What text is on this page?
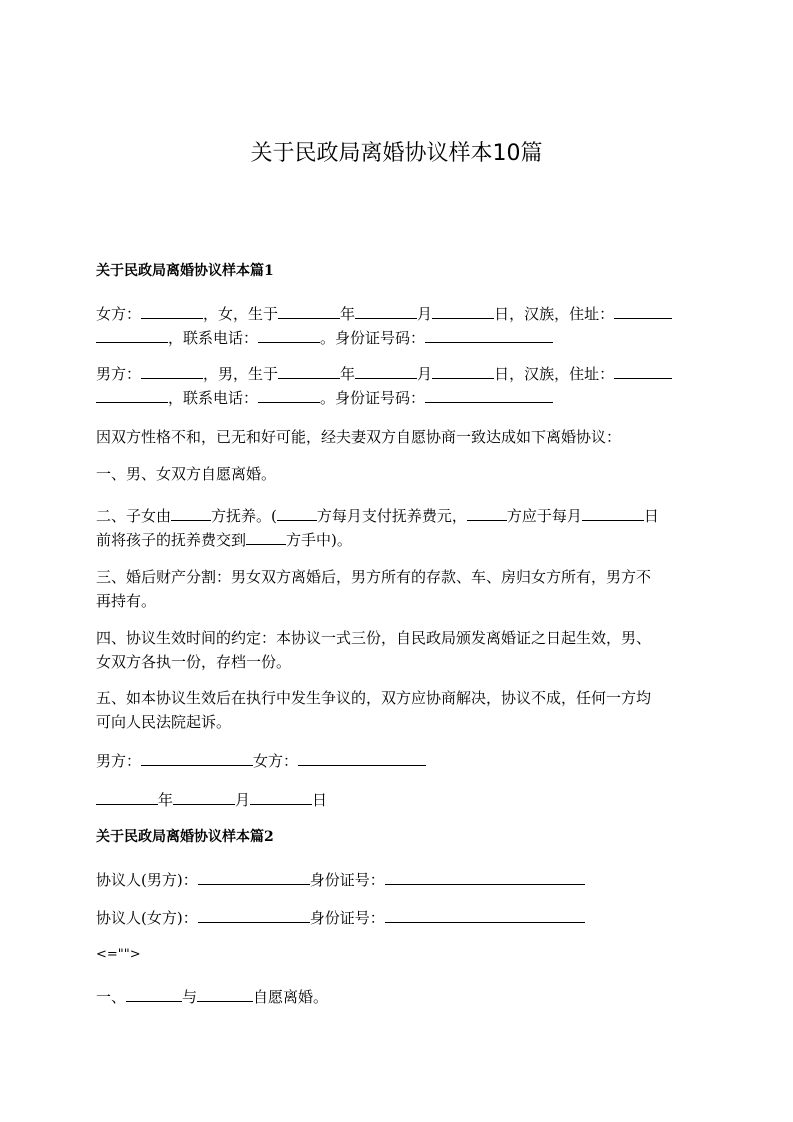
关于民政局离婚协议样本10篇
关于民政局离婚协议样本篇1
女方：	，女，生于	年	月	日，汉族，住址：
，联系电话：	。身份证号码：
男方：	，男，生于	年	月	日，汉族，住址：
，联系电话：	。身份证号码：
因双方性格不和，已无和好可能，经夫妻双方自愿协商一致达成如下离婚协议：
一、男、女双方自愿离婚。
二、子女由	方抚养。(	方每月支付抚养费元，	方应于每月	日
前将孩子的抚养费交到	方手中)。
三、婚后财产分割：男女双方离婚后，男方所有的存款、车、房归女方所有，男方不
再持有。
四、协议生效时间的约定：本协议一式三份，自民政局颁发离婚证之日起生效，男、
女双方各执一份，存档一份。
五、如本协议生效后在执行中发生争议的，双方应协商解决，协议不成，任何一方均
可向人民法院起诉。
男方：	女方：
年	月	日
关于民政局离婚协议样本篇2
协议人(男方)：	身份证号：
协议人(女方)：	身份证号：
<="">
一、	与	自愿离婚。
